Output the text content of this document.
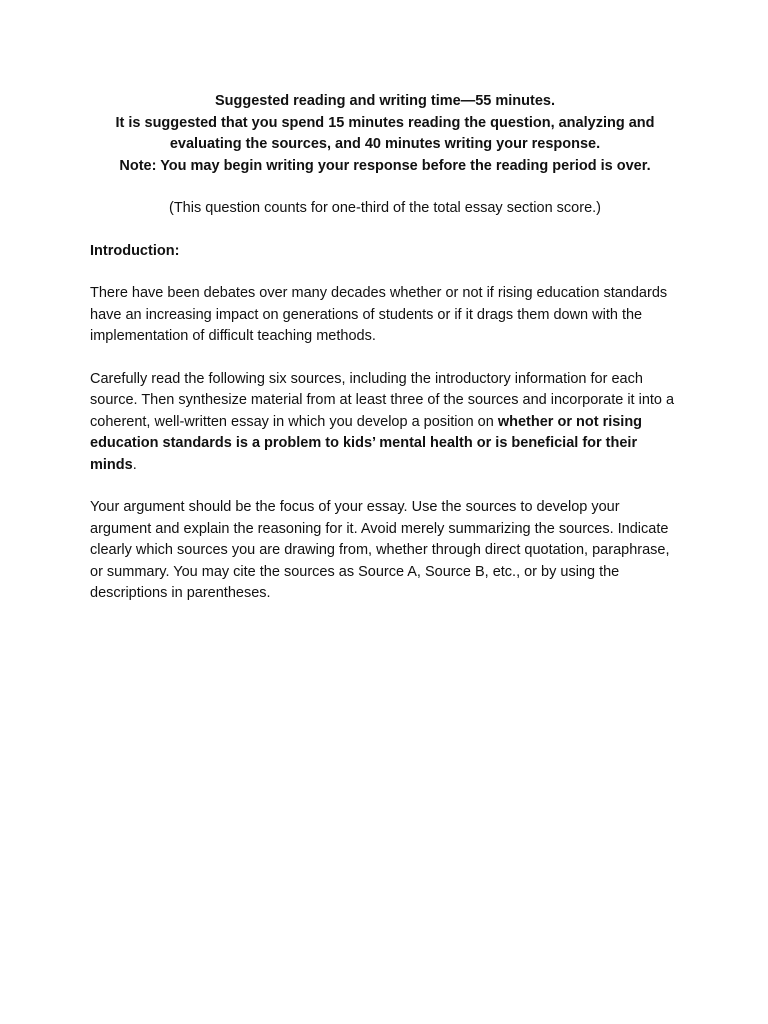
Suggested reading and writing time—55 minutes.

It is suggested that you spend 15 minutes reading the question, analyzing and evaluating the sources, and 40 minutes writing your response.

Note: You may begin writing your response before the reading period is over.

(This question counts for one-third of the total essay section score.)

Introduction:

There have been debates over many decades whether or not if rising education standards have an increasing impact on generations of students or if it drags them down with the implementation of difficult teaching methods.

Carefully read the following six sources, including the introductory information for each source. Then synthesize material from at least three of the sources and incorporate it into a coherent, well-written essay in which you develop a position on whether or not rising education standards is a problem to kids’ mental health or is beneficial for their minds.

Your argument should be the focus of your essay. Use the sources to develop your argument and explain the reasoning for it. Avoid merely summarizing the sources. Indicate clearly which sources you are drawing from, whether through direct quotation, paraphrase, or summary. You may cite the sources as Source A, Source B, etc., or by using the descriptions in parentheses.
